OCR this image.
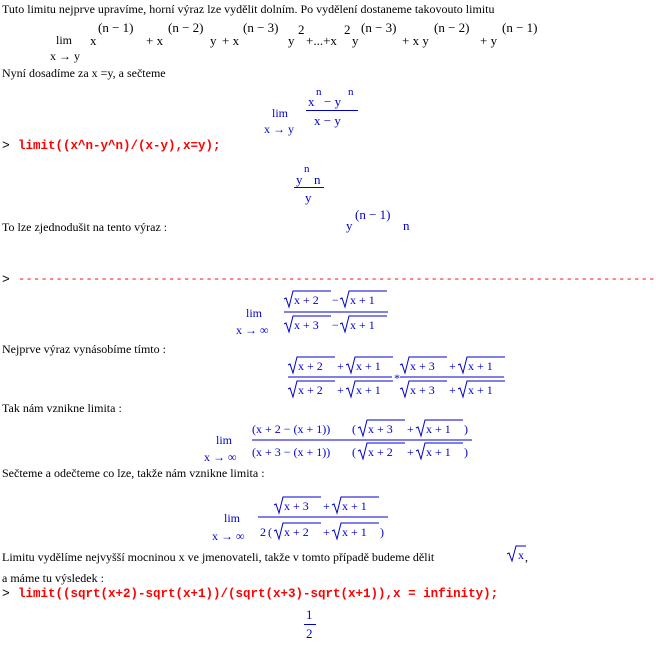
Tuto limitu nejprve upravíme, horní výraz lze vydělit dolním. Po vydělení dostaneme takovouto limitu
lim
x → y
x
(n − 1)
+ x
(n − 2)
y + x
(n − 3)
y
2
+...+x
2
y
(n − 3)
+ x y
(n − 2)
+ y
(n − 1)
Nyní dosadíme za x =y, a sečteme
lim
x → y
x
n
− y
n
x − y
> limit((x^n-y^n)/(x-y),x=y);
y
n
n
y
To lze zjednodušit na tento výraz :	y
(n − 1)
n
> -------------------------------------------------------------------------------------
lim
x → ∞
x + 2 − x + 1
x + 3 − x + 1
Nejprve výraz vynásobíme tímto :
x + 2 + x + 1
x + 2 + x + 1
*
x + 3 + x + 1
x + 3 + x + 1
Tak nám vznikne limita :
lim
x → ∞
(x + 2 − (x + 1)) ( x + 3 + x + 1 )
(x + 3 − (x + 1)) ( x + 2 + x + 1 )
Sečteme a odečteme co lze, takže nám vznikne limita :
lim
x → ∞
x + 3 + x + 1
2 ( x + 2 + x + 1 )
Limitu vydělíme nejvyšší mocninou x ve jmenovateli, takže v tomto případě budeme dělit	x ,
a máme tu výsledek :
> limit((sqrt(x+2)-sqrt(x+1))/(sqrt(x+3)-sqrt(x+1)),x = infinity);
1
2
